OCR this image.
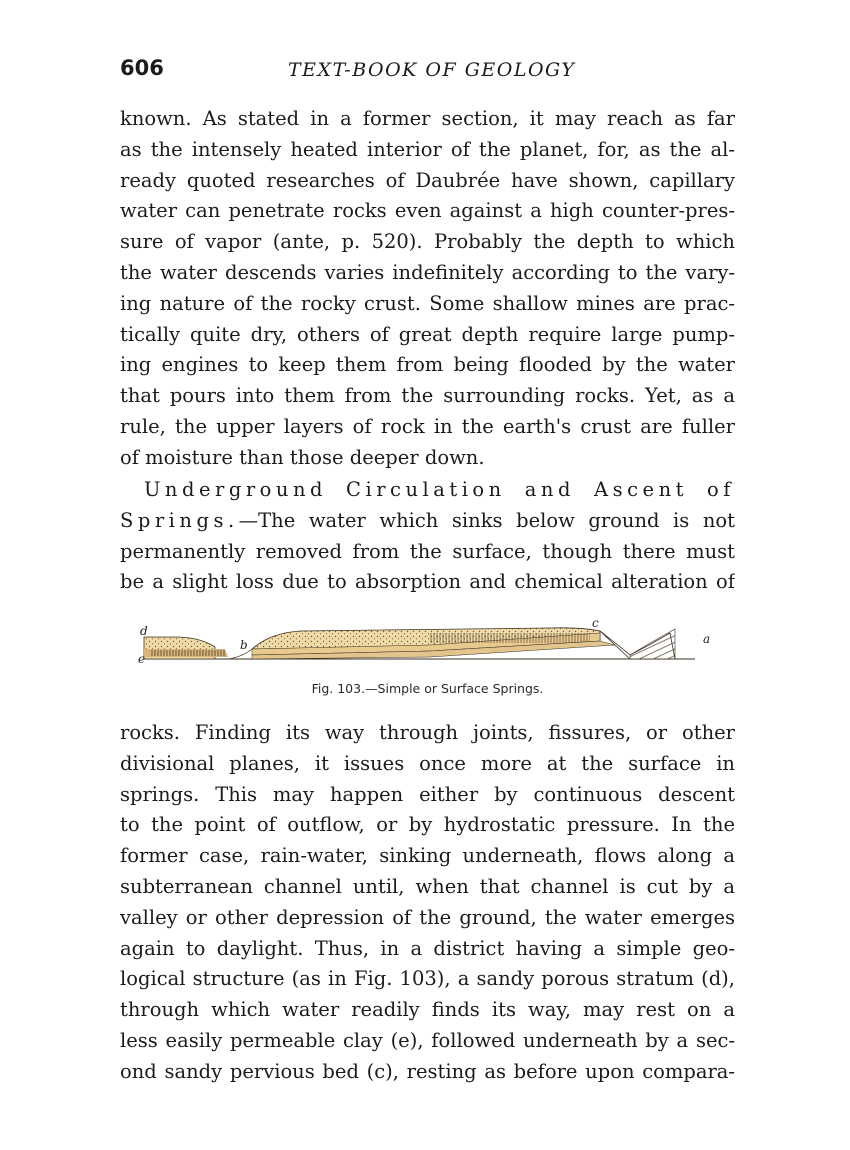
606	TEXT-BOOK OF GEOLOGY
known. As stated in a former section, it may reach as far
as the intensely heated interior of the planet, for, as the al-
ready quoted researches of Daubrée have shown, capillary
water can penetrate rocks even against a high counter-pres-
sure of vapor (ante, p. 520). Probably the depth to which
the water descends varies indefinitely according to the vary-
ing nature of the rocky crust. Some shallow mines are prac-
tically quite dry, others of great depth require large pump-
ing engines to keep them from being flooded by the water
that pours into them from the surrounding rocks. Yet, as a
rule, the upper layers of rock in the earth's crust are fuller
of moisture than those deeper down.
Underground Circulation and Ascent of
Springs.—The water which sinks below ground is not
permanently removed from the surface, though there must
be a slight loss due to absorption and chemical alteration of
d
e
b
c
a
Fig. 103.—Simple or Surface Springs.
rocks. Finding its way through joints, fissures, or other
divisional planes, it issues once more at the surface in
springs. This may happen either by continuous descent
to the point of outflow, or by hydrostatic pressure. In the
former case, rain-water, sinking underneath, flows along a
subterranean channel until, when that channel is cut by a
valley or other depression of the ground, the water emerges
again to daylight. Thus, in a district having a simple geo-
logical structure (as in Fig. 103), a sandy porous stratum (d),
through which water readily finds its way, may rest on a
less easily permeable clay (e), followed underneath by a sec-
ond sandy pervious bed (c), resting as before upon compara-
